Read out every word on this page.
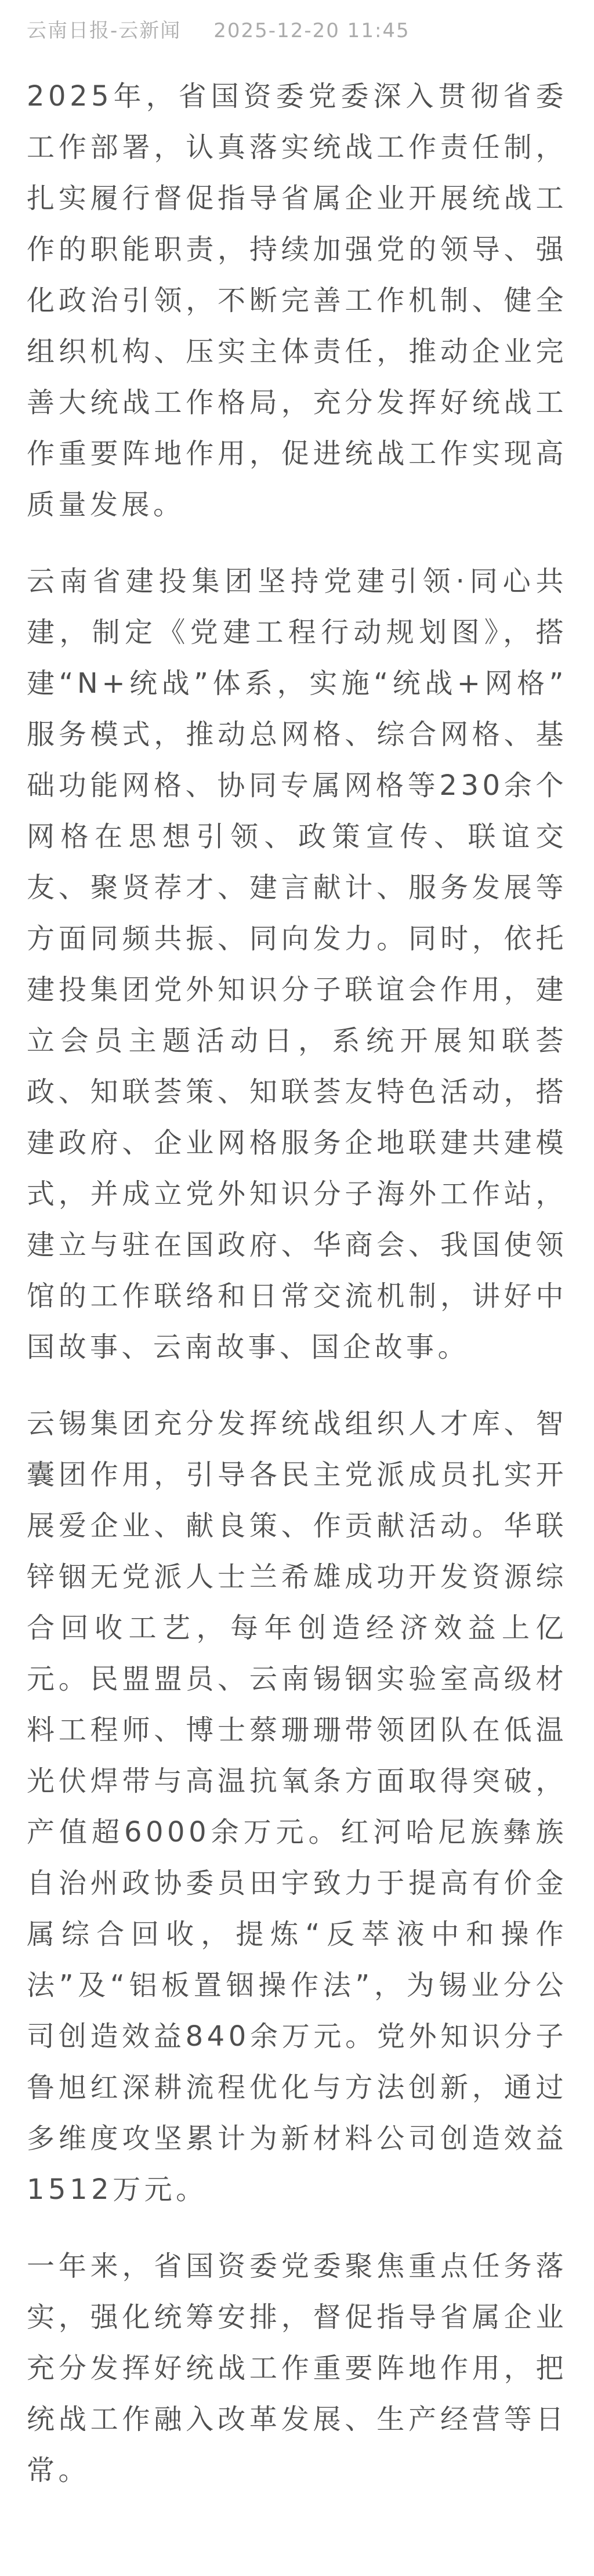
云南日报-云新闻 2025-12-20 11:45

2025年，省国资委党委深入贯彻省委工作部署，认真落实统战工作责任制，扎实履行督促指导省属企业开展统战工作的职能职责，持续加强党的领导、强化政治引领，不断完善工作机制、健全组织机构、压实主体责任，推动企业完善大统战工作格局，充分发挥好统战工作重要阵地作用，促进统战工作实现高质量发展。

云南省建投集团坚持党建引领·同心共建，制定《党建工程行动规划图》，搭建“N+统战”体系，实施“统战+网格”服务模式，推动总网格、综合网格、基础功能网格、协同专属网格等230余个网格在思想引领、政策宣传、联谊交友、聚贤荐才、建言献计、服务发展等方面同频共振、同向发力。同时，依托建投集团党外知识分子联谊会作用，建立会员主题活动日，系统开展知联荟政、知联荟策、知联荟友特色活动，搭建政府、企业网格服务企地联建共建模式，并成立党外知识分子海外工作站，建立与驻在国政府、华商会、我国使领馆的工作联络和日常交流机制，讲好中国故事、云南故事、国企故事。

云锡集团充分发挥统战组织人才库、智囊团作用，引导各民主党派成员扎实开展爱企业、献良策、作贡献活动。华联锌铟无党派人士兰希雄成功开发资源综合回收工艺，每年创造经济效益上亿元。民盟盟员、云南锡铟实验室高级材料工程师、博士蔡珊珊带领团队在低温光伏焊带与高温抗氧条方面取得突破，产值超6000余万元。红河哈尼族彝族自治州政协委员田宇致力于提高有价金属综合回收，提炼“反萃液中和操作法”及“铝板置铟操作法”，为锡业分公司创造效益840余万元。党外知识分子鲁旭红深耕流程优化与方法创新，通过多维度攻坚累计为新材料公司创造效益1512万元。

一年来，省国资委党委聚焦重点任务落实，强化统筹安排，督促指导省属企业充分发挥好统战工作重要阵地作用，把统战工作融入改革发展、生产经营等日常。
